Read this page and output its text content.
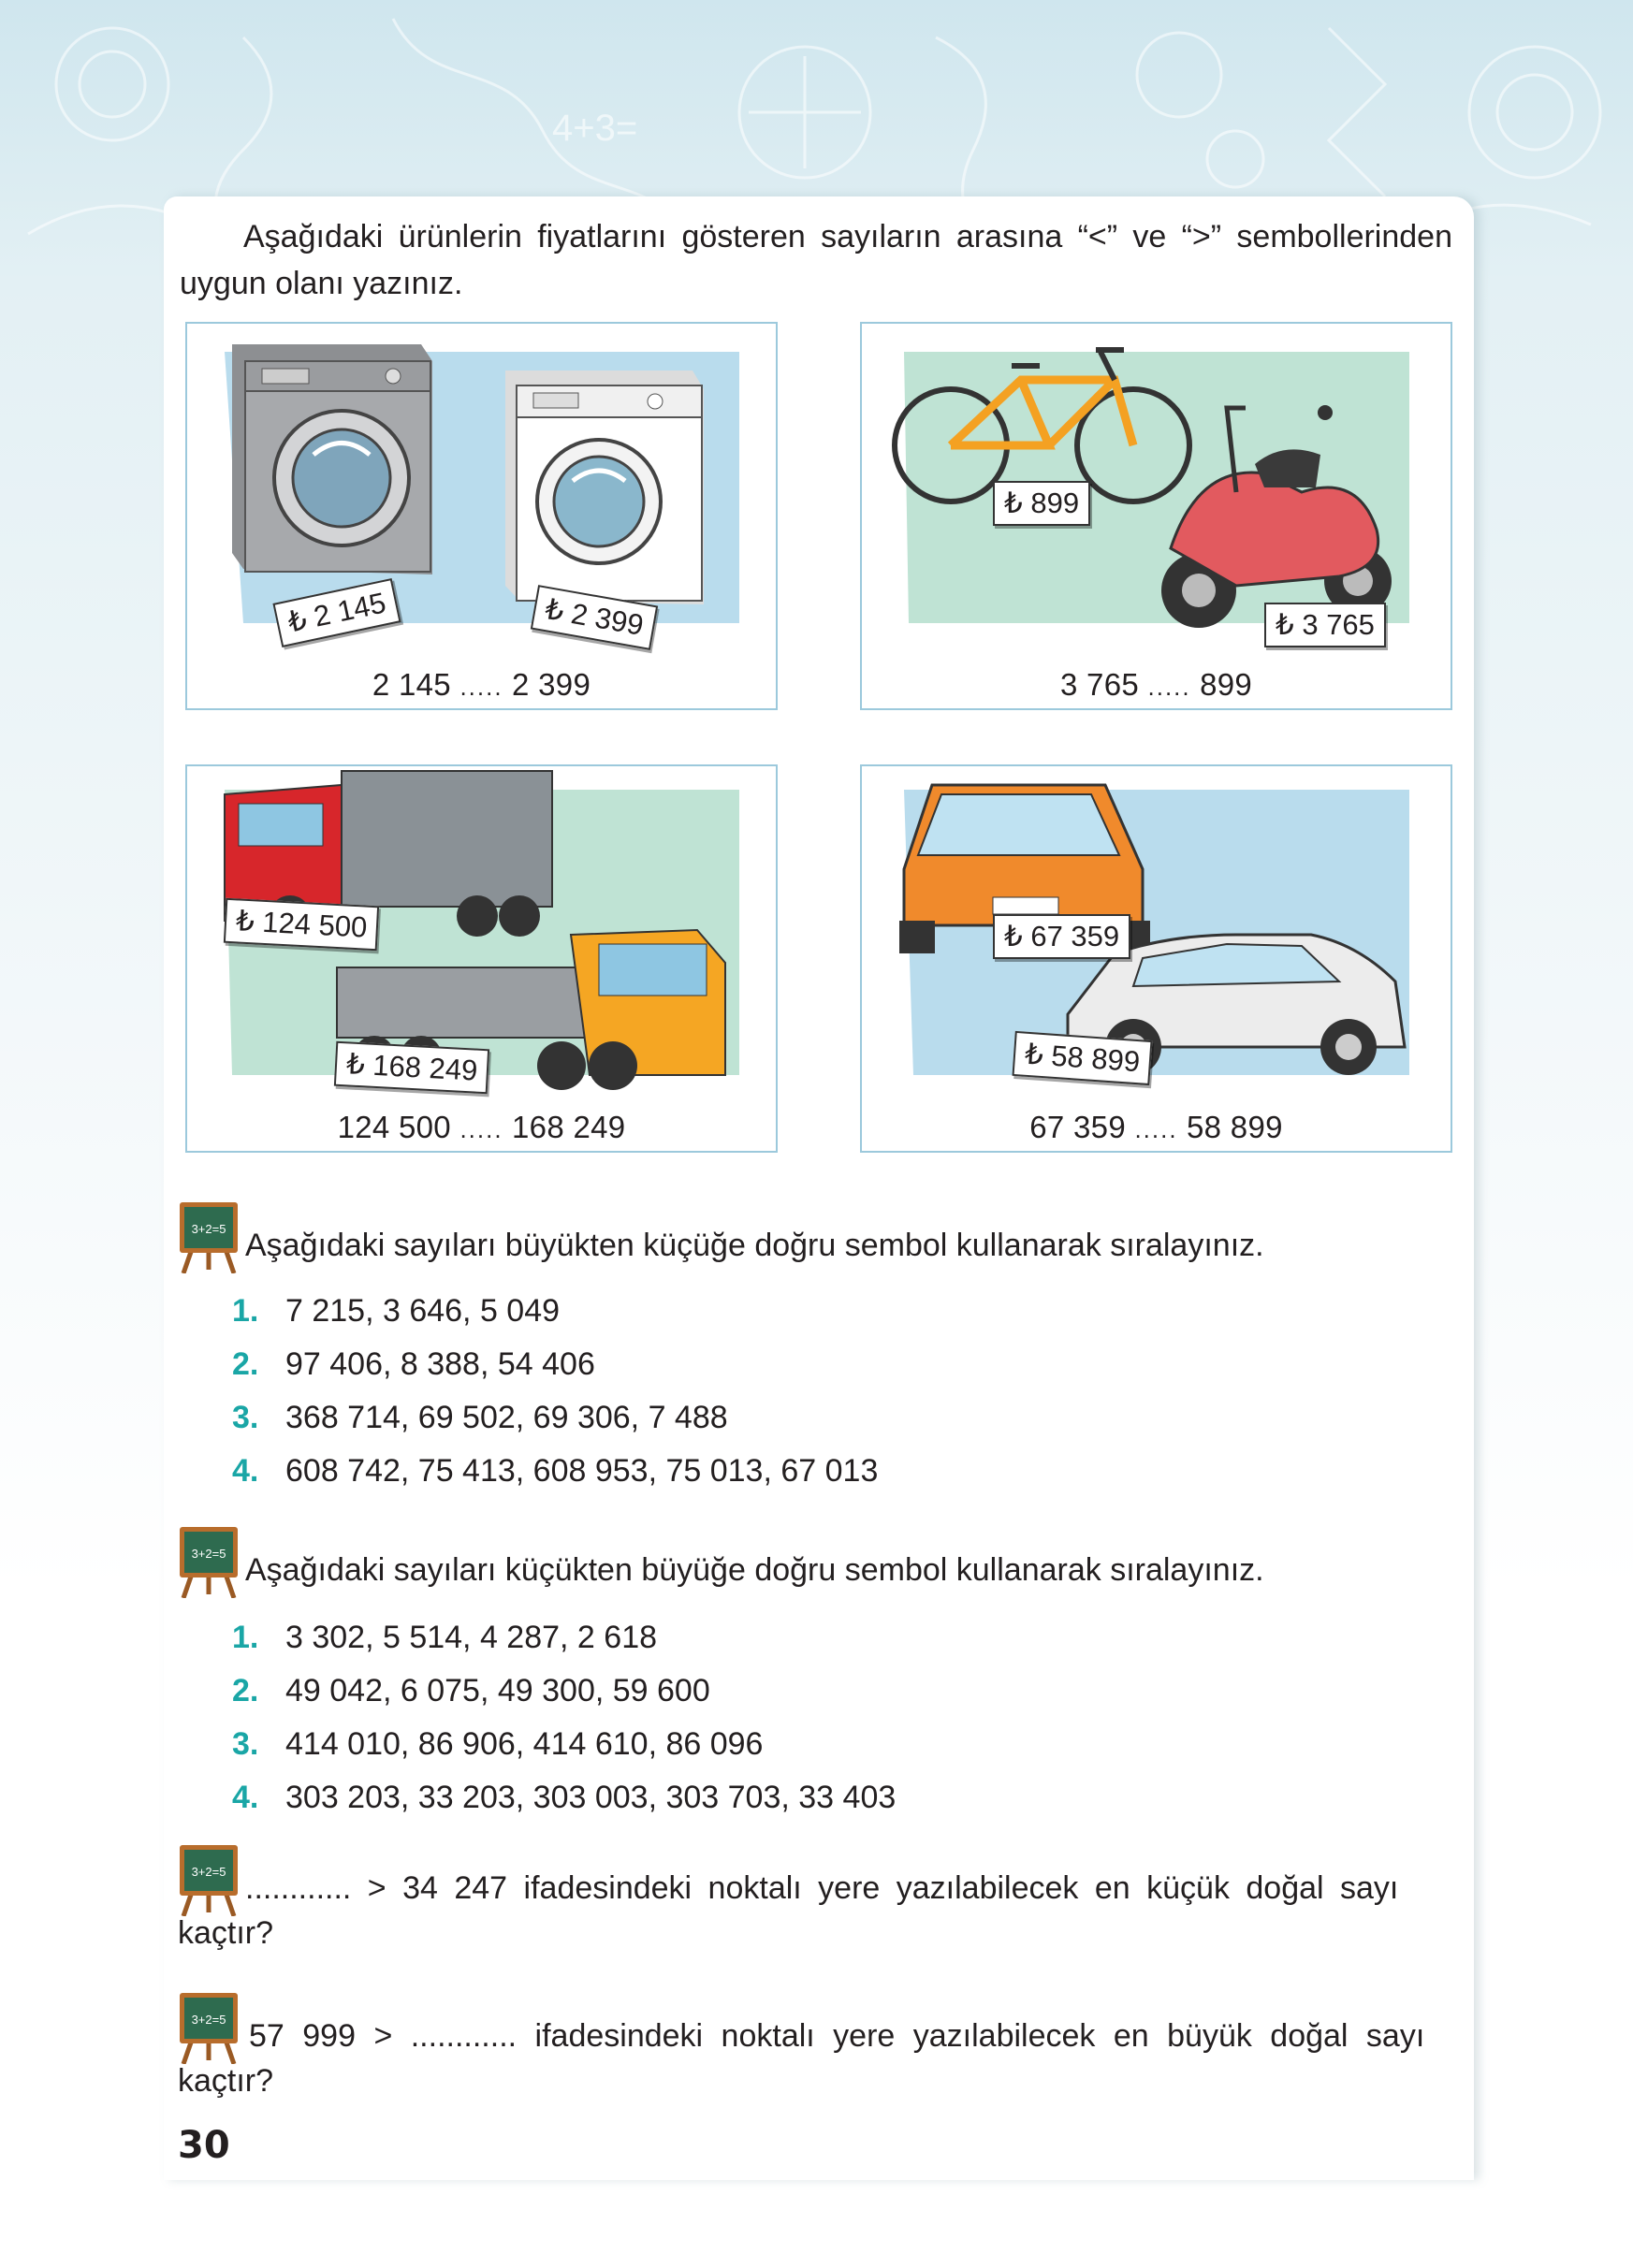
4+3=

Aşağıdaki ürünlerin fiyatlarını gösteren sayıların arasına “<” ve “>” sembollerinden uygun olanı yazınız.

₺ 2 145	₺ 2 399
2 145 ..... 2 399
₺ 899
₺ 3 765
3 765 ..... 899
₺ 124 500
₺ 168 249
124 500 ..... 168 249
₺ 67 359
₺ 58 899
67 359 ..... 58 899
3+2=5 Aşağıdaki sayıları büyükten küçüğe doğru sembol kullanarak sıralayınız.
1. 7 215, 3 646, 5 049
2. 97 406, 8 388, 54 406
3. 368 714, 69 502, 69 306, 7 488
4. 608 742, 75 413, 608 953, 75 013, 67 013
3+2=5 Aşağıdaki sayıları küçükten büyüğe doğru sembol kullanarak sıralayınız.
1. 3 302, 5 514, 4 287, 2 618
2. 49 042, 6 075, 49 300, 59 600
3. 414 010, 86 906, 414 610, 86 096
4. 303 203, 33 203, 303 003, 303 703, 33 403
3+2=5 ............ > 34 247 ifadesindeki noktalı yere yazılabilecek en küçük doğal sayı
kaçtır?
3+2=5 57 999 > ............ ifadesindeki noktalı yere yazılabilecek en büyük doğal sayı
kaçtır?
30
